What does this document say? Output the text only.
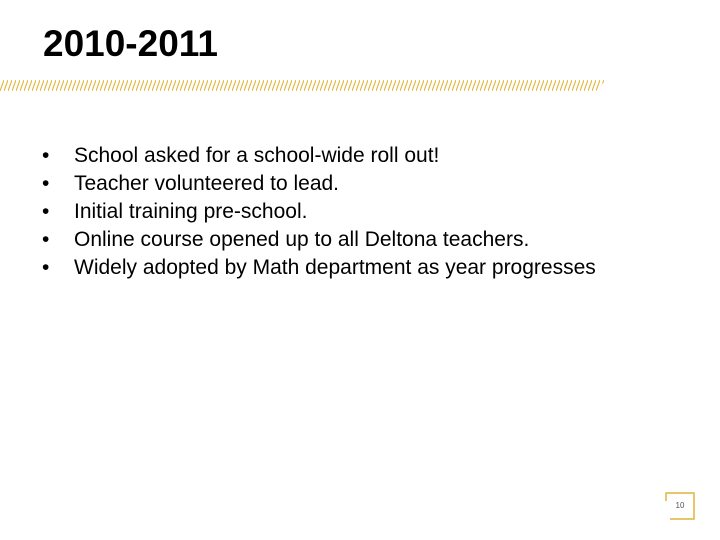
2010-2011
• School asked for a school-wide roll out!
• Teacher volunteered to lead.
• Initial training pre-school.
• Online course opened up to all Deltona teachers.
• Widely adopted by Math department as year progresses
10
